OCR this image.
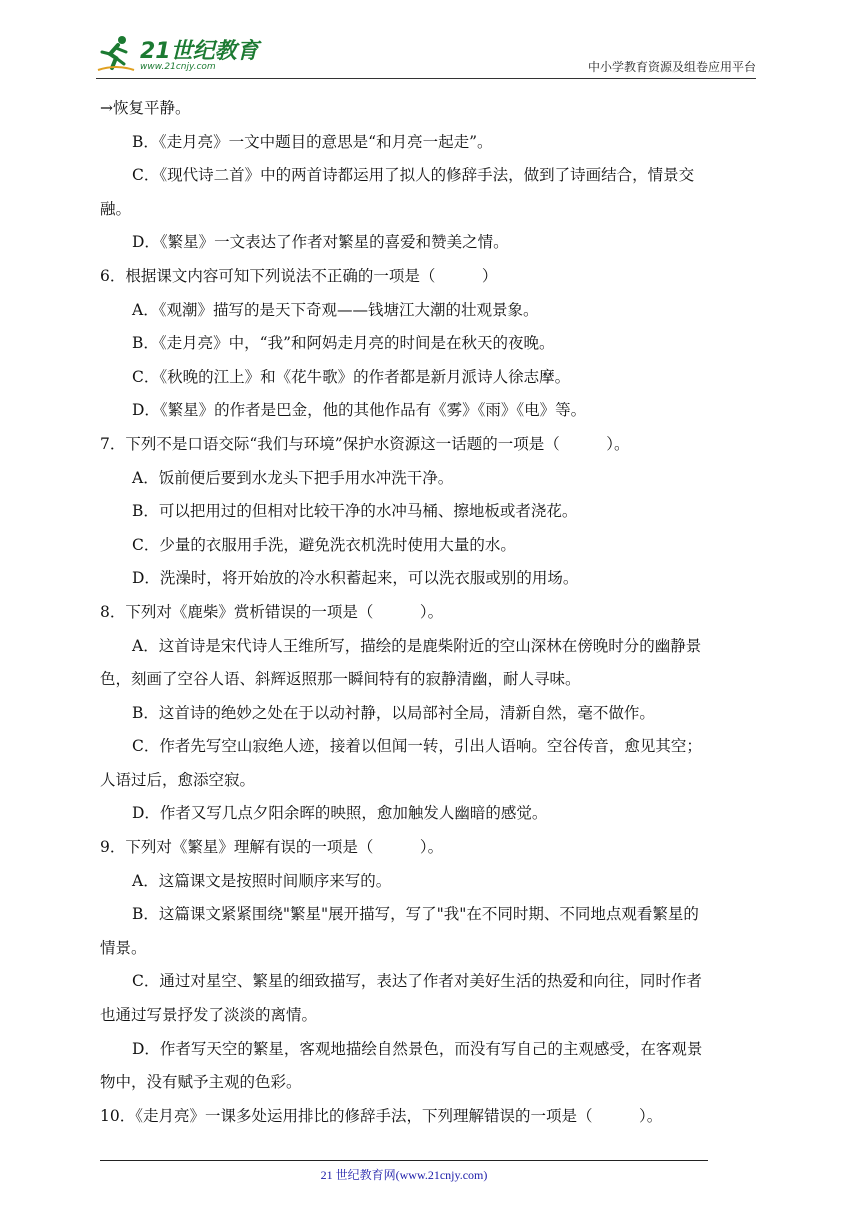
21世纪教育
www.21cnjy.com	中小学教育资源及组卷应用平台
→恢复平静。
B．《走月亮》一文中题目的意思是“和月亮一起走”。
C．《现代诗二首》中的两首诗都运用了拟人的修辞手法，做到了诗画结合，情景交
融。
D．《繁星》一文表达了作者对繁星的喜爱和赞美之情。
6．根据课文内容可知下列说法不正确的一项是（　　　）
A．《观潮》描写的是天下奇观——钱塘江大潮的壮观景象。
B．《走月亮》中，“我”和阿妈走月亮的时间是在秋天的夜晚。
C．《秋晚的江上》和《花牛歌》的作者都是新月派诗人徐志摩。
D．《繁星》的作者是巴金，他的其他作品有《雾》《雨》《电》等。
7．下列不是口语交际“我们与环境”保护水资源这一话题的一项是（　　　）。
A．饭前便后要到水龙头下把手用水冲洗干净。
B．可以把用过的但相对比较干净的水冲马桶、擦地板或者浇花。
C．少量的衣服用手洗，避免洗衣机洗时使用大量的水。
D．洗澡时，将开始放的冷水积蓄起来，可以洗衣服或别的用场。
8．下列对《鹿柴》赏析错误的一项是（　　　）。
A．这首诗是宋代诗人王维所写，描绘的是鹿柴附近的空山深林在傍晚时分的幽静景
色，刻画了空谷人语、斜辉返照那一瞬间特有的寂静清幽，耐人寻味。
B．这首诗的绝妙之处在于以动衬静，以局部衬全局，清新自然，毫不做作。
C．作者先写空山寂绝人迹，接着以但闻一转，引出人语响。空谷传音，愈见其空；
人语过后，愈添空寂。
D．作者又写几点夕阳余晖的映照，愈加触发人幽暗的感觉。
9．下列对《繁星》理解有误的一项是（　　　）。
A．这篇课文是按照时间顺序来写的。
B．这篇课文紧紧围绕"繁星"展开描写，写了"我"在不同时期、不同地点观看繁星的
情景。
C．通过对星空、繁星的细致描写，表达了作者对美好生活的热爱和向往，同时作者
也通过写景抒发了淡淡的离情。
D．作者写天空的繁星，客观地描绘自然景色，而没有写自己的主观感受，在客观景
物中，没有赋予主观的色彩。
10．《走月亮》一课多处运用排比的修辞手法，下列理解错误的一项是（　　　）。
21 世纪教育网(www.21cnjy.com)
